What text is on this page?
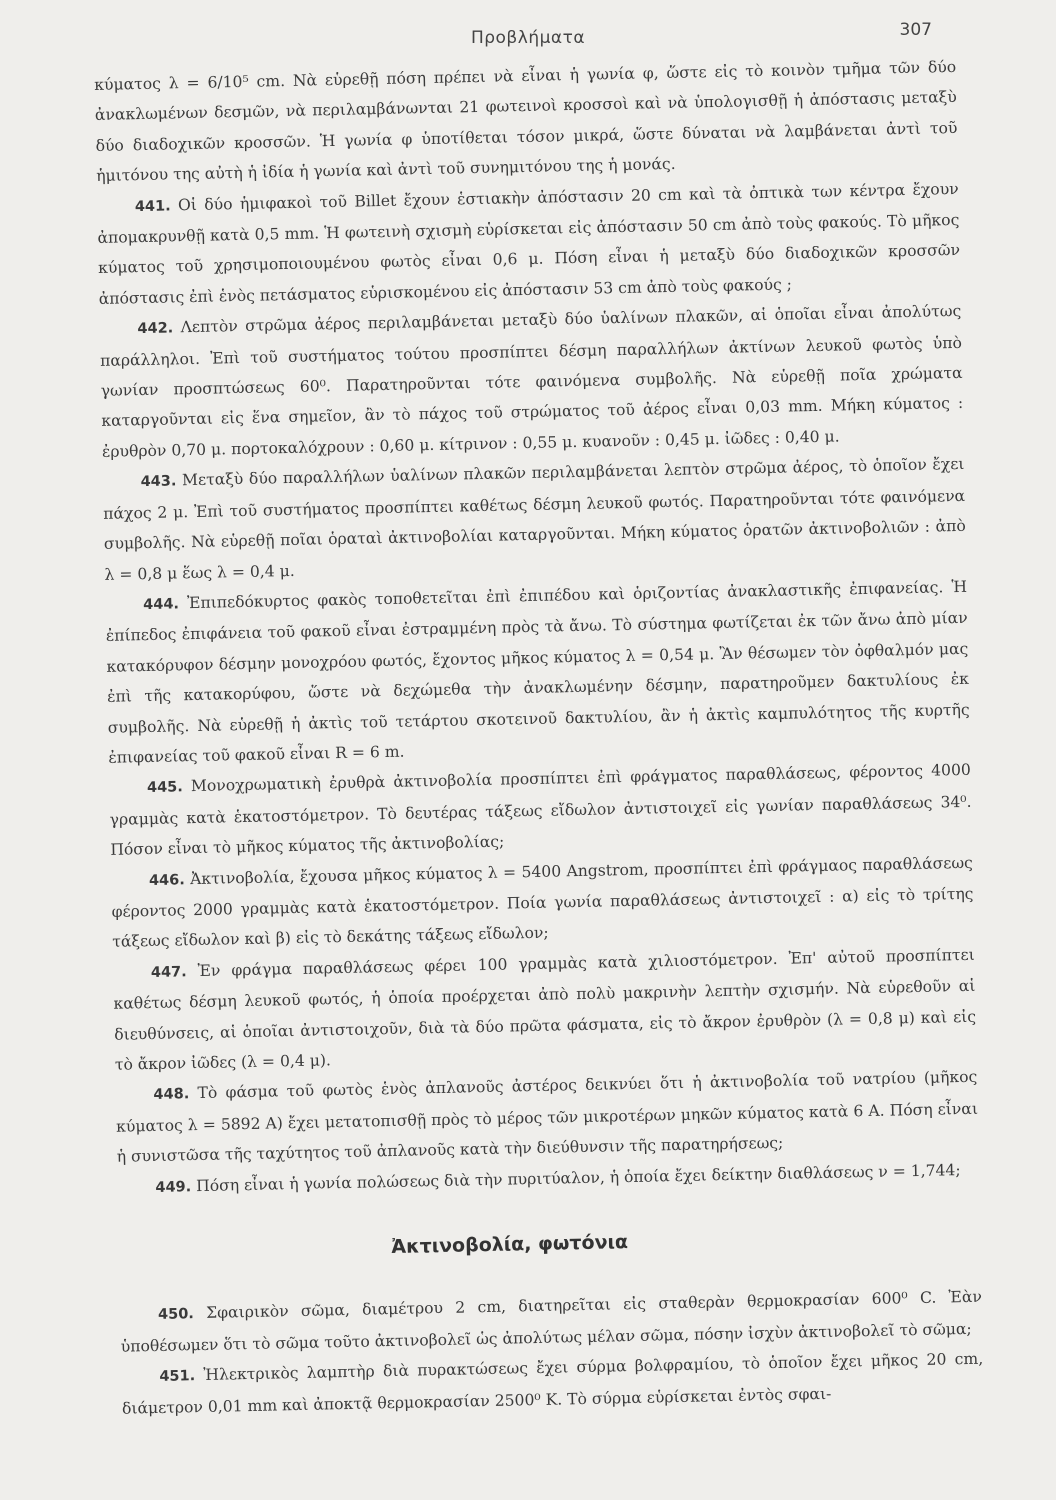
Προβλήματα	307

κύματος λ = 6/10⁵ cm. Νὰ εὑρεθῇ πόση πρέπει νὰ εἶναι ἡ γωνία φ, ὥστε εἰς τὸ κοινὸν τμῆμα τῶν δύο ἀνακλωμένων δεσμῶν, νὰ περιλαμβάνωνται 21 φωτεινοὶ κροσσοὶ καὶ νὰ ὑπολογισθῇ ἡ ἀπόστασις μεταξὺ δύο διαδοχικῶν κροσσῶν. Ἡ γωνία φ ὑποτίθεται τόσον μικρά, ὥστε δύναται νὰ λαμβάνεται ἀντὶ τοῦ ἡμιτόνου της αὐτὴ ἡ ἰδία ἡ γωνία καὶ ἀντὶ τοῦ συνημιτόνου της ἡ μονάς.

441. Οἱ δύο ἡμιφακοὶ τοῦ Billet ἔχουν ἑστιακὴν ἀπόστασιν 20 cm καὶ τὰ ὀπτικὰ των κέντρα ἔχουν ἀπομακρυνθῇ κατὰ 0,5 mm. Ἡ φωτεινὴ σχισμὴ εὑρίσκεται εἰς ἀπόστασιν 50 cm ἀπὸ τοὺς φακούς. Τὸ μῆκος κύματος τοῦ χρησιμοποιουμένου φωτὸς εἶναι 0,6 μ. Πόση εἶναι ἡ μεταξὺ δύο διαδοχικῶν κροσσῶν ἀπόστασις ἐπὶ ἑνὸς πετάσματος εὑρισκομένου εἰς ἀπόστασιν 53 cm ἀπὸ τοὺς φακούς ;

442. Λεπτὸν στρῶμα ἀέρος περιλαμβάνεται μεταξὺ δύο ὑαλίνων πλακῶν, αἱ ὁποῖαι εἶναι ἀπολύτως παράλληλοι. Ἐπὶ τοῦ συστήματος τούτου προσπίπτει δέσμη παραλλήλων ἀκτίνων λευκοῦ φωτὸς ὑπὸ γωνίαν προσπτώσεως 60⁰. Παρατηροῦνται τότε φαινόμενα συμβολῆς. Νὰ εὑρεθῇ ποῖα χρώματα καταργοῦνται εἰς ἕνα σημεῖον, ἂν τὸ πάχος τοῦ στρώματος τοῦ ἀέρος εἶναι 0,03 mm. Μήκη κύματος : ἐρυθρὸν 0,70 μ. πορτοκαλόχρουν : 0,60 μ. κίτρινον : 0,55 μ. κυανοῦν : 0,45 μ. ἰῶδες : 0,40 μ.

443. Μεταξὺ δύο παραλλήλων ὑαλίνων πλακῶν περιλαμβάνεται λεπτὸν στρῶμα ἀέρος, τὸ ὁποῖον ἔχει πάχος 2 μ. Ἐπὶ τοῦ συστήματος προσπίπτει καθέτως δέσμη λευκοῦ φωτός. Παρατηροῦνται τότε φαινόμενα συμβολῆς. Νὰ εὑρεθῇ ποῖαι ὁραταὶ ἀκτινοβολίαι καταργοῦνται. Μήκη κύματος ὁρατῶν ἀκτινοβολιῶν : ἀπὸ λ = 0,8 μ ἕως λ = 0,4 μ.

444. Ἐπιπεδόκυρτος φακὸς τοποθετεῖται ἐπὶ ἐπιπέδου καὶ ὁριζοντίας ἀνακλαστικῆς ἐπιφανείας. Ἡ ἐπίπεδος ἐπιφάνεια τοῦ φακοῦ εἶναι ἐστραμμένη πρὸς τὰ ἄνω. Τὸ σύστημα φωτίζεται ἐκ τῶν ἄνω ἀπὸ μίαν κατακόρυφον δέσμην μονοχρόου φωτός, ἔχοντος μῆκος κύματος λ = 0,54 μ. Ἂν θέσωμεν τὸν ὀφθαλμόν μας ἐπὶ τῆς κατακορύφου, ὥστε νὰ δεχώμεθα τὴν ἀνακλωμένην δέσμην, παρατηροῦμεν δακτυλίους ἐκ συμβολῆς. Νὰ εὑρεθῇ ἡ ἀκτὶς τοῦ τετάρτου σκοτεινοῦ δακτυλίου, ἂν ἡ ἀκτὶς καμπυλότητος τῆς κυρτῆς ἐπιφανείας τοῦ φακοῦ εἶναι R = 6 m.

445. Μονοχρωματικὴ ἐρυθρὰ ἀκτινοβολία προσπίπτει ἐπὶ φράγματος παραθλάσεως, φέροντος 4000 γραμμὰς κατὰ ἑκατοστόμετρον. Τὸ δευτέρας τάξεως εἴδωλον ἀντιστοιχεῖ εἰς γωνίαν παραθλάσεως 34⁰. Πόσον εἶναι τὸ μῆκος κύματος τῆς ἀκτινοβολίας;

446. Ἀκτινοβολία, ἔχουσα μῆκος κύματος λ = 5400 Angstrom, προσπίπτει ἐπὶ φράγμαος παραθλάσεως φέροντος 2000 γραμμὰς κατὰ ἑκατοστόμετρον. Ποία γωνία παραθλάσεως ἀντιστοιχεῖ : α) εἰς τὸ τρίτης τάξεως εἴδωλον καὶ β) εἰς τὸ δεκάτης τάξεως εἴδωλον;

447. Ἐν φράγμα παραθλάσεως φέρει 100 γραμμὰς κατὰ χιλιοστόμετρον. Ἐπ' αὐτοῦ προσπίπτει καθέτως δέσμη λευκοῦ φωτός, ἡ ὁποία προέρχεται ἀπὸ πολὺ μακρινὴν λεπτὴν σχισμήν. Νὰ εὑρεθοῦν αἱ διευθύνσεις, αἱ ὁποῖαι ἀντιστοιχοῦν, διὰ τὰ δύο πρῶτα φάσματα, εἰς τὸ ἄκρον ἐρυθρὸν (λ = 0,8 μ) καὶ εἰς τὸ ἄκρον ἰῶδες (λ = 0,4 μ).

448. Τὸ φάσμα τοῦ φωτὸς ἑνὸς ἀπλανοῦς ἀστέρος δεικνύει ὅτι ἡ ἀκτινοβολία τοῦ νατρίου (μῆκος κύματος λ = 5892 A) ἔχει μετατοπισθῇ πρὸς τὸ μέρος τῶν μικροτέρων μηκῶν κύματος κατὰ 6 A. Πόση εἶναι ἡ συνιστῶσα τῆς ταχύτητος τοῦ ἀπλανοῦς κατὰ τὴν διεύθυνσιν τῆς παρατηρήσεως;

449. Πόση εἶναι ἡ γωνία πολώσεως διὰ τὴν πυριτύαλον, ἡ ὁποία ἔχει δείκτην διαθλάσεως ν = 1,744;

Ἀκτινοβολία, φωτόνια

450. Σφαιρικὸν σῶμα, διαμέτρου 2 cm, διατηρεῖται εἰς σταθερὰν θερμοκρασίαν 600⁰ C. Ἐὰν ὑποθέσωμεν ὅτι τὸ σῶμα τοῦτο ἀκτινοβολεῖ ὡς ἀπολύτως μέλαν σῶμα, πόσην ἰσχὺν ἀκτινοβολεῖ τὸ σῶμα;

451. Ἠλεκτρικὸς λαμπτὴρ διὰ πυρακτώσεως ἔχει σύρμα βολφραμίου, τὸ ὁποῖον ἔχει μῆκος 20 cm, διάμετρον 0,01 mm καὶ ἀποκτᾷ θερμοκρασίαν 2500⁰ K. Τὸ σύρμα εὑρίσκεται ἐντὸς σφαι-
